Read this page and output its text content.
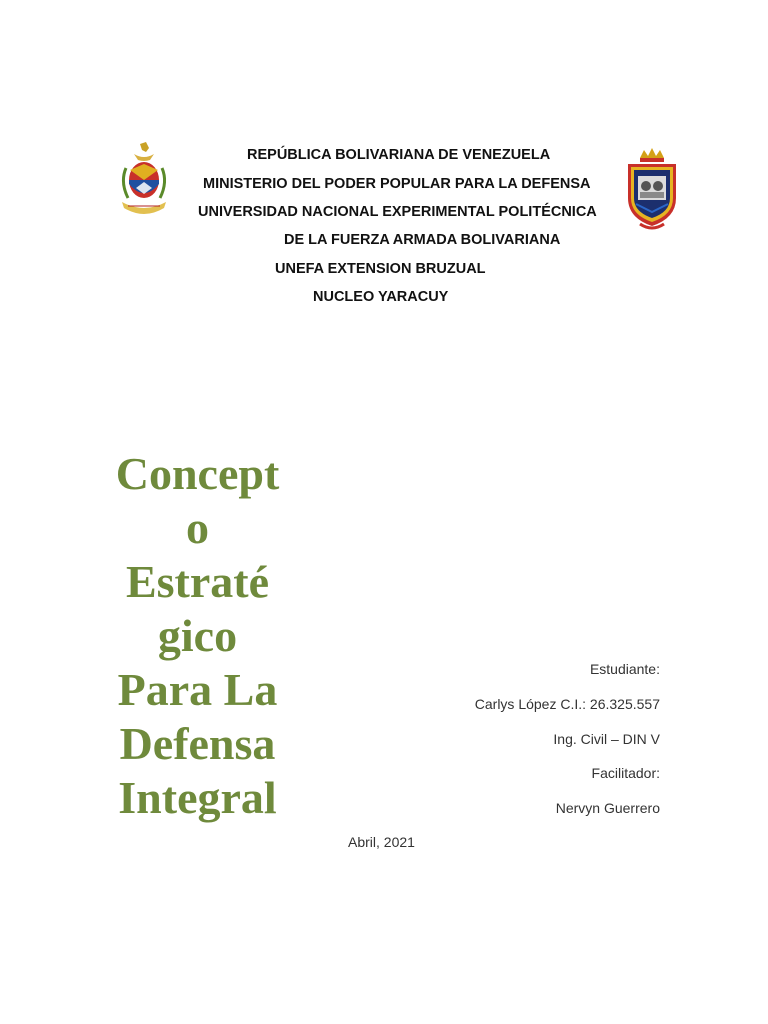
REPÚBLICA BOLIVARIANA DE VENEZUELA
MINISTERIO DEL PODER POPULAR PARA LA DEFENSA
UNIVERSIDAD NACIONAL EXPERIMENTAL POLITÉCNICA
DE LA FUERZA ARMADA BOLIVARIANA
UNEFA EXTENSION BRUZUAL
NUCLEO YARACUY
Concept
o
Estraté
gico
Para La
Defensa
Integral
Estudiante:
Carlys López C.I.: 26.325.557
Ing. Civil – DIN V
Facilitador:
Nervyn Guerrero
Abril, 2021
